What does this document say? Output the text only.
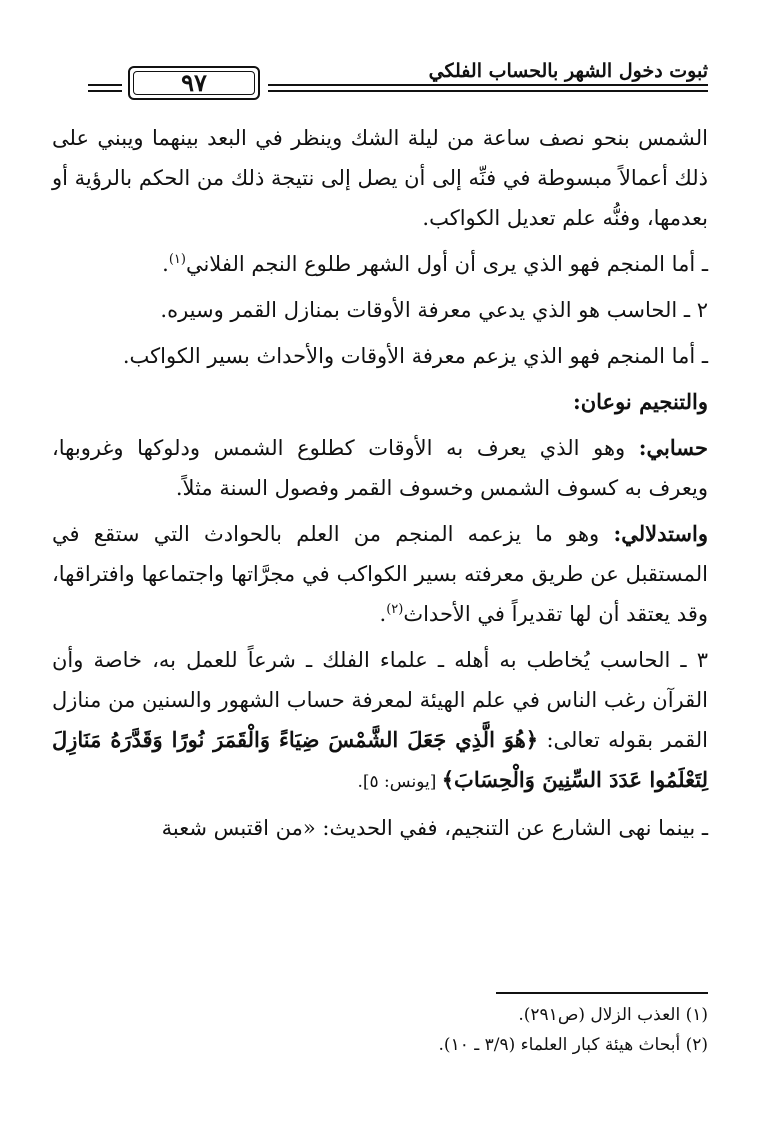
ثبوت دخول الشهر بالحساب الفلكي
٩٧

الشمس بنحو نصف ساعة من ليلة الشك وينظر في البعد بينهما ويبني على ذلك أعمالاً مبسوطة في فنِّه إلى أن يصل إلى نتيجة ذلك من الحكم بالرؤية أو بعدمها، وفنُّه علم تعديل الكواكب.

ـ أما المنجم فهو الذي يرى أن أول الشهر طلوع النجم الفلاني$^{(١)}$.

٢ ـ الحاسب هو الذي يدعي معرفة الأوقات بمنازل القمر وسيره.

ـ أما المنجم فهو الذي يزعم معرفة الأوقات والأحداث بسير الكواكب.

والتنجيم نوعان:

حسابي: وهو الذي يعرف به الأوقات كطلوع الشمس ودلوكها وغروبها، ويعرف به كسوف الشمس وخسوف القمر وفصول السنة مثلاً.

واستدلالي: وهو ما يزعمه المنجم من العلم بالحوادث التي ستقع في المستقبل عن طريق معرفته بسير الكواكب في مجرَّاتها واجتماعها وافتراقها، وقد يعتقد أن لها تقديراً في الأحداث$^{(٢)}$.

٣ ـ الحاسب يُخاطب به أهله ـ علماء الفلك ـ شرعاً للعمل به، خاصة وأن القرآن رغب الناس في علم الهيئة لمعرفة حساب الشهور والسنين من منازل القمر بقوله تعالى: ﴿هُوَ الَّذِي جَعَلَ الشَّمْسَ ضِيَاءً وَالْقَمَرَ نُورًا وَقَدَّرَهُ مَنَازِلَ لِتَعْلَمُوا عَدَدَ السِّنِينَ وَالْحِسَابَ﴾ [يونس: ٥].

ـ بينما نهى الشارع عن التنجيم، ففي الحديث: «من اقتبس شعبة

(١) العذب الزلال (ص٢٩١).

(٢) أبحاث هيئة كبار العلماء (٣/٩ ـ ١٠).
